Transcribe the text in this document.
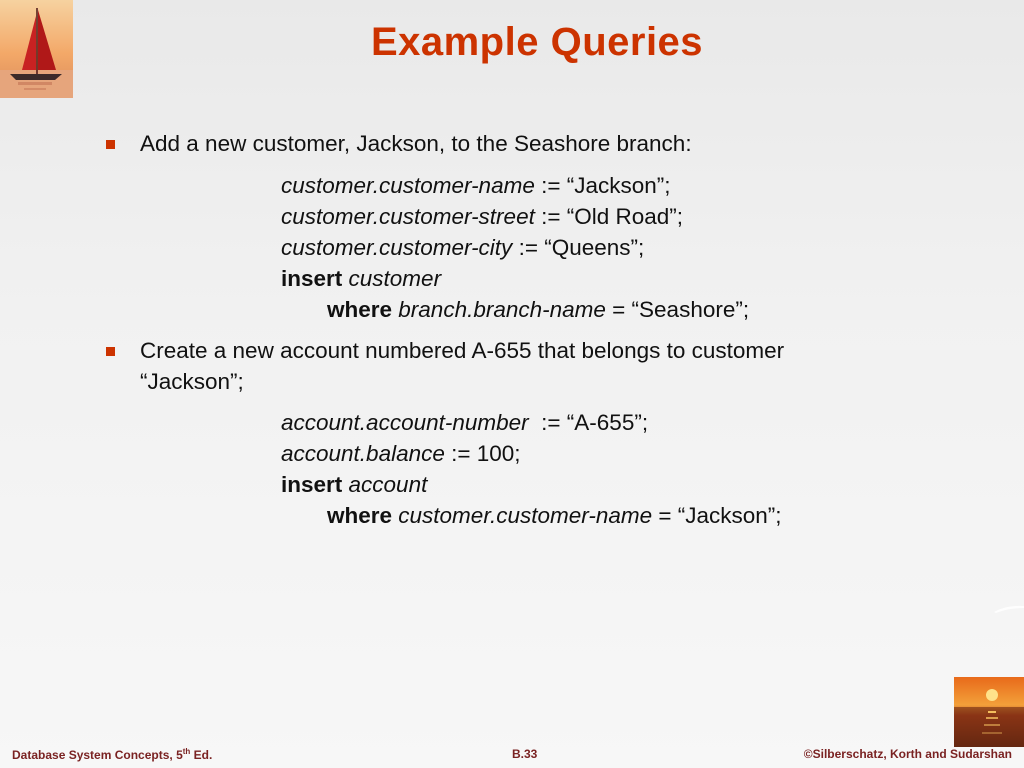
Example Queries
Add a new customer, Jackson, to the Seashore branch:
customer.customer-name := “Jackson”;
customer.customer-street := “Old Road”;
customer.customer-city := “Queens”;
insert customer
where branch.branch-name = “Seashore”;
Create a new account numbered A-655 that belongs to customer
“Jackson”;
account.account-number  := “A-655”;
account.balance := 100;
insert account
where customer.customer-name = “Jackson”;
Database System Concepts, 5th Ed.	B.33	©Silberschatz, Korth and Sudarshan
